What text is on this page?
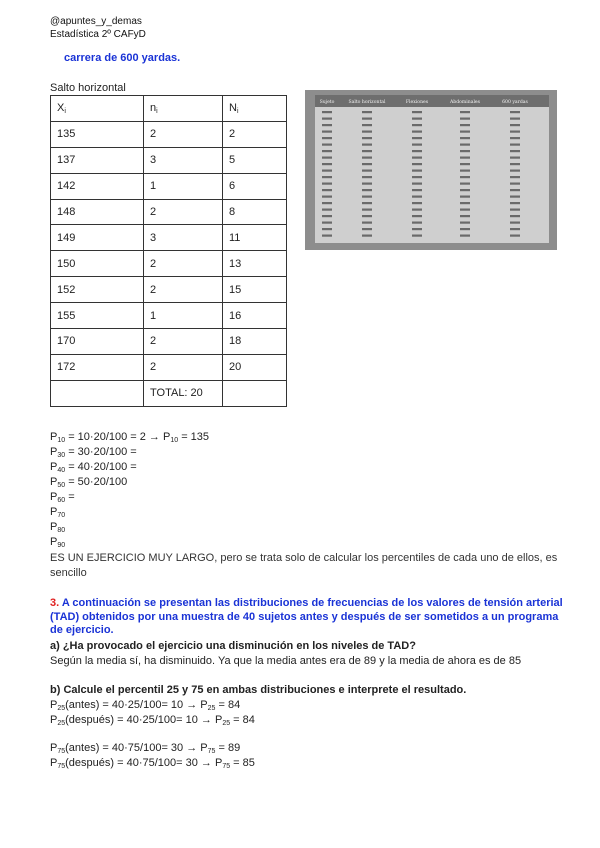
@apuntes_y_demas
Estadística 2º CAFyD
carrera de 600 yardas.
Salto horizontal
$X_i$	$n_i$	$N_i$
135	2	2
137	3	5
142	1	6
148	2	8
149	3	11
150	2	13
152	2	15
155	1	16
170	2	18
172	2	20
	TOTAL: 20	
Sujeto	Salto horizontal	Flexiones	Abdominales	600 yardas

$P_{10} = 10\cdot 20/100 = 2 \to P_{10} = 135$

$P_{30} = 30\cdot 20/100$ =

$P_{40} = 40\cdot 20/100$ =

$P_{50} = 50\cdot 20/100$

$P_{60}$ =

$P_{70}$

$P_{80}$

$P_{90}$

ES UN EJERCICIO MUY LARGO, pero se trata solo de calcular los percentiles de cada uno de ellos, es sencillo

3. A continuación se presentan las distribuciones de frecuencias de los valores de tensión arterial (TAD) obtenidos por una muestra de 40 sujetos antes y después de ser sometidos a un programa de ejercicio.

a) ¿Ha provocado el ejercicio una disminución en los niveles de TAD?

Según la media sí, ha disminuido. Ya que la media antes era de 89 y la media de ahora es de 85

b) Calcule el percentil 25 y 75 en ambas distribuciones e interprete el resultado.

$P_{25}(antes) = 40\cdot 25/100= 10 \to P_{25} = 84$

$P_{25}(después) = 40\cdot 25/100= 10 \to P_{25} = 84$

$P_{75}(antes) = 40\cdot 75/100= 30 \to P_{75} = 89$

$P_{75}(después) = 40\cdot 75/100= 30 \to P_{75} = 85$
